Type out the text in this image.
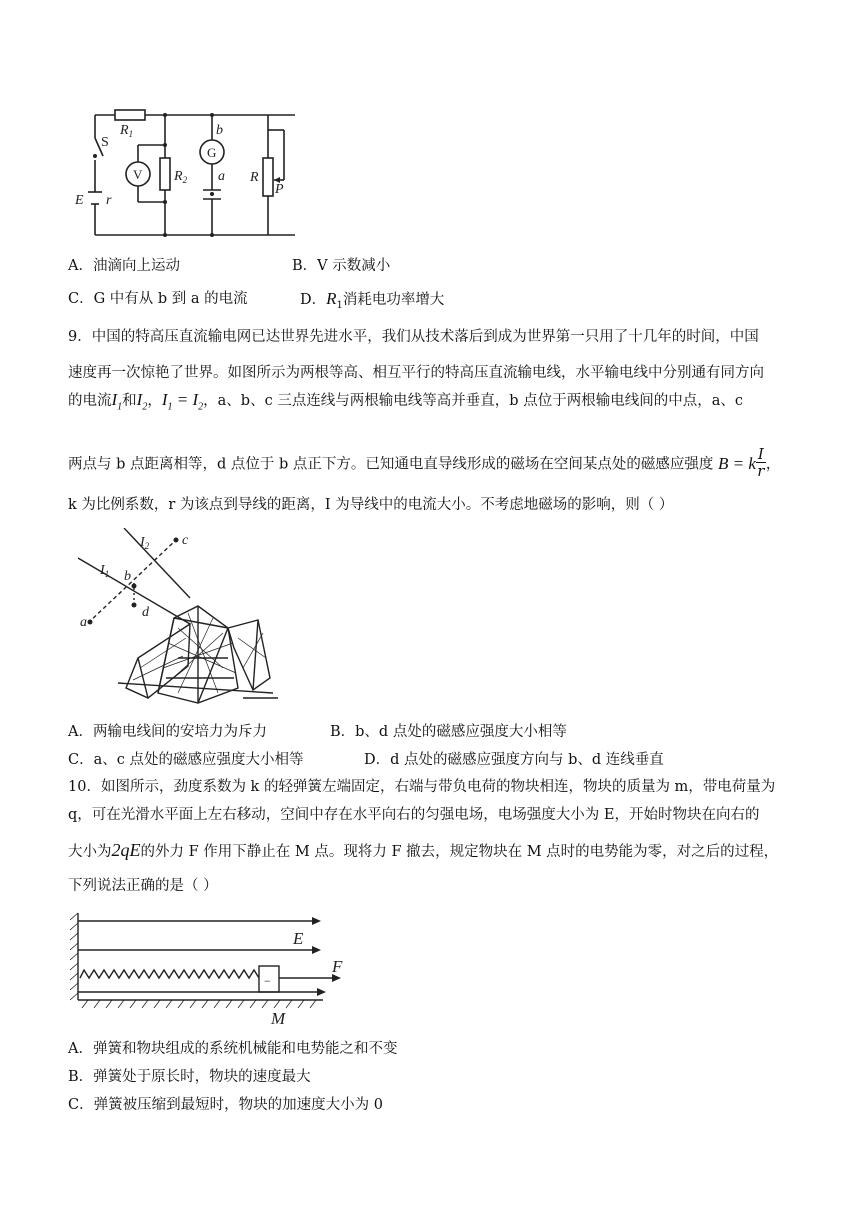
$R_1$
S
V $R_2$
b
G
a R
P
E r
A．油滴向上运动	B．V 示数减小
C．G 中有从 b 到 a 的电流	D．$R_1$消耗电功率增大
9．中国的特高压直流输电网已达世界先进水平，我们从技术落后到成为世界第一只用了十几年的时间，中国
速度再一次惊艳了世界。如图所示为两根等高、相互平行的特高压直流输电线，水平输电线中分别通有同方向
的电流$I_1$和$I_2$，$I_1 = I_2$，a、b、c 三点连线与两根输电线等高并垂直，b 点位于两根输电线间的中点，a、c
两点与 b 点距离相等，d 点位于 b 点正下方。已知通电直导线形成的磁场在空间某点处的磁感应强度 B = k $\frac{I}{r}$ ，
k 为比例系数，r 为该点到导线的距离，I 为导线中的电流大小。不考虑地磁场的影响，则（ ）
$I_2$
$I_1$
c
b
d
a
A．两输电线间的安培力为斥力	B．b、d 点处的磁感应强度大小相等
C．a、c 点处的磁感应强度大小相等	D．d 点处的磁感应强度方向与 b、d 连线垂直
10．如图所示，劲度系数为 k 的轻弹簧左端固定，右端与带负电荷的物块相连，物块的质量为 m，带电荷量为
q，可在光滑水平面上左右移动，空间中存在水平向右的匀强电场，电场强度大小为 E，开始时物块在向右的
大小为2qE的外力 F 作用下静止在 M 点。现将力 F 撤去，规定物块在 M 点时的电势能为零，对之后的过程，
下列说法正确的是（ ）
E
F
M
−
A．弹簧和物块组成的系统机械能和电势能之和不变
B．弹簧处于原长时，物块的速度最大
C．弹簧被压缩到最短时，物块的加速度大小为 0
